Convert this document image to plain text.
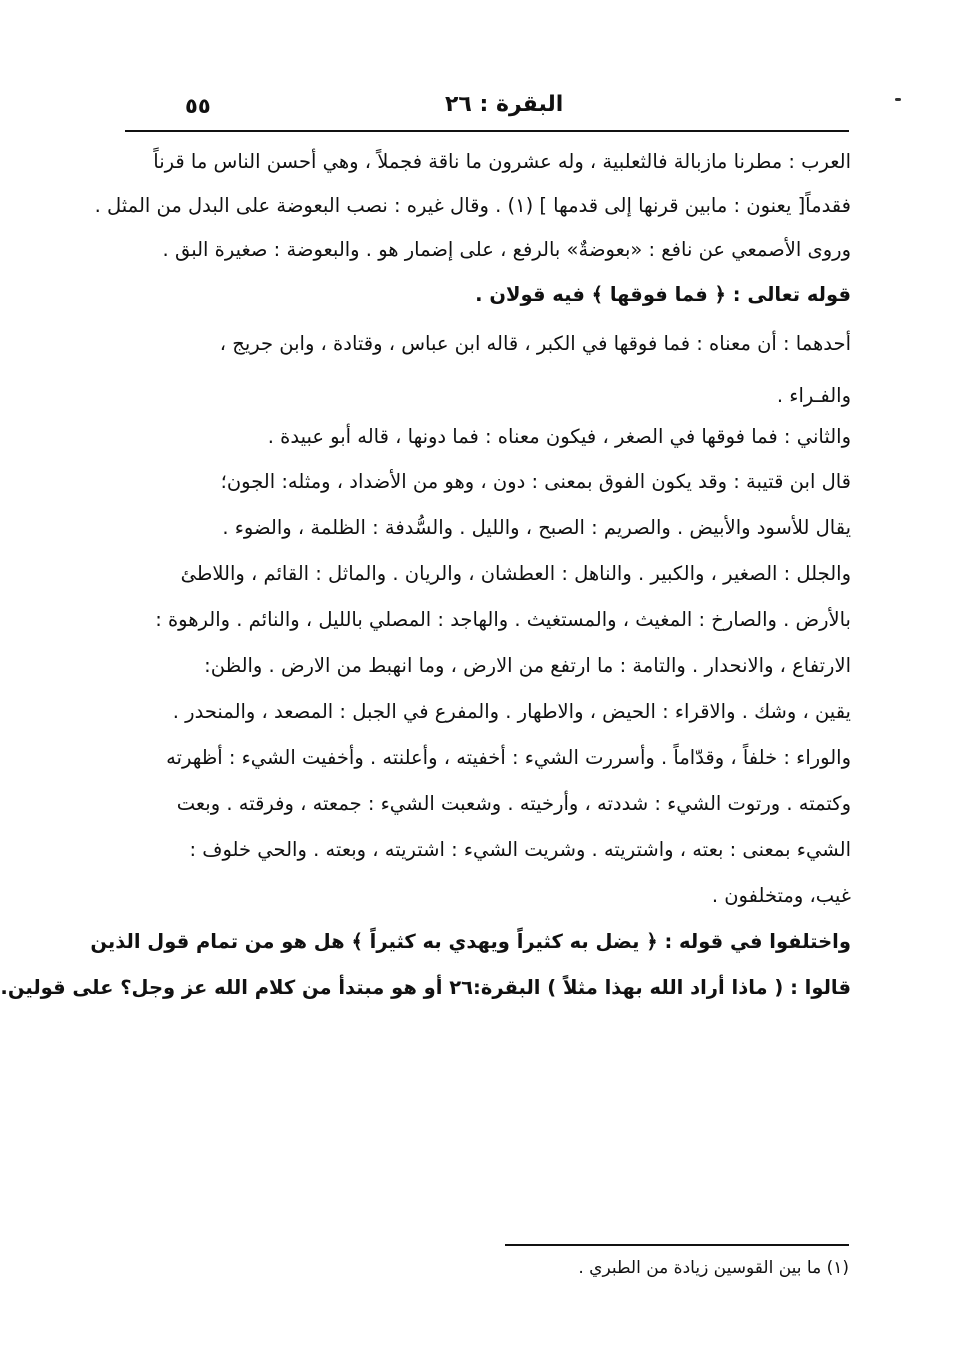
٥٥	البقرة : ٢٦
العرب : مطرنا مازبالة فالثعلبية ، وله عشرون ما ناقة فجملاً ، وهي أحسن الناس ما قرناً
فقدماً[ يعنون : مابين قرنها إلى قدمها ] (١) . وقال غيره : نصب البعوضة على البدل من المثل .
وروى الأصمعي عن نافع : «بعوضةٌ» بالرفع ، على إضمار هو . والبعوضة : صغيرة البق .
قوله تعالى : ﴿ فما فوقها ﴾ فيه قولان .
أحدهما : أن معناه : فما فوقها في الكبر ، قاله ابن عباس ، وقتادة ، وابن جريج ،
والفـراء .
والثاني : فما فوقها في الصغر ، فيكون معناه : فما دونها ، قاله أبو عبيدة .
قال ابن قتيبة : وقد يكون الفوق بمعنى : دون ، وهو من الأضداد ، ومثله: الجون؛
يقال للأسود والأبيض . والصريم : الصبح ، والليل . والسُّدفة : الظلمة ، والضوء .
والجلل : الصغير ، والكبير . والناهل : العطشان ، والريان . والماثل : القائم ، واللاطئ
بالأرض . والصارخ : المغيث ، والمستغيث . والهاجد : المصلي بالليل ، والنائم . والرهوة :
الارتفاع ، والانحدار . والتامة : ما ارتفع من الارض ، وما انهبط من الارض . والظن:
يقين ، وشك . والاقراء : الحيض ، والاطهار . والمفرع في الجبل : المصعد ، والمنحدر .
والوراء : خلفاً ، وقدّاماً . وأسررت الشيء : أخفيته ، وأعلنته . وأخفيت الشيء : أظهرته
وكتمته . ورتوت الشيء : شددته ، وأرخيته . وشعبت الشيء : جمعته ، وفرقته . وبعت
الشيء بمعنى : بعته ، واشتريته . وشريت الشيء : اشتريته ، وبعته . والحي خلوف :
غيب، ومتخلفون .
واختلفوا في قوله : ﴿ يضل به كثيراً ويهدي به كثيراً ﴾ هل هو من تمام قول الذين
قالوا : ( ماذا أراد الله بهذا مثلاً ) البقرة:٢٦ أو هو مبتدأ من كلام الله عز وجل؟ على قولين.
(١) ما بين القوسين زيادة من الطبري .
